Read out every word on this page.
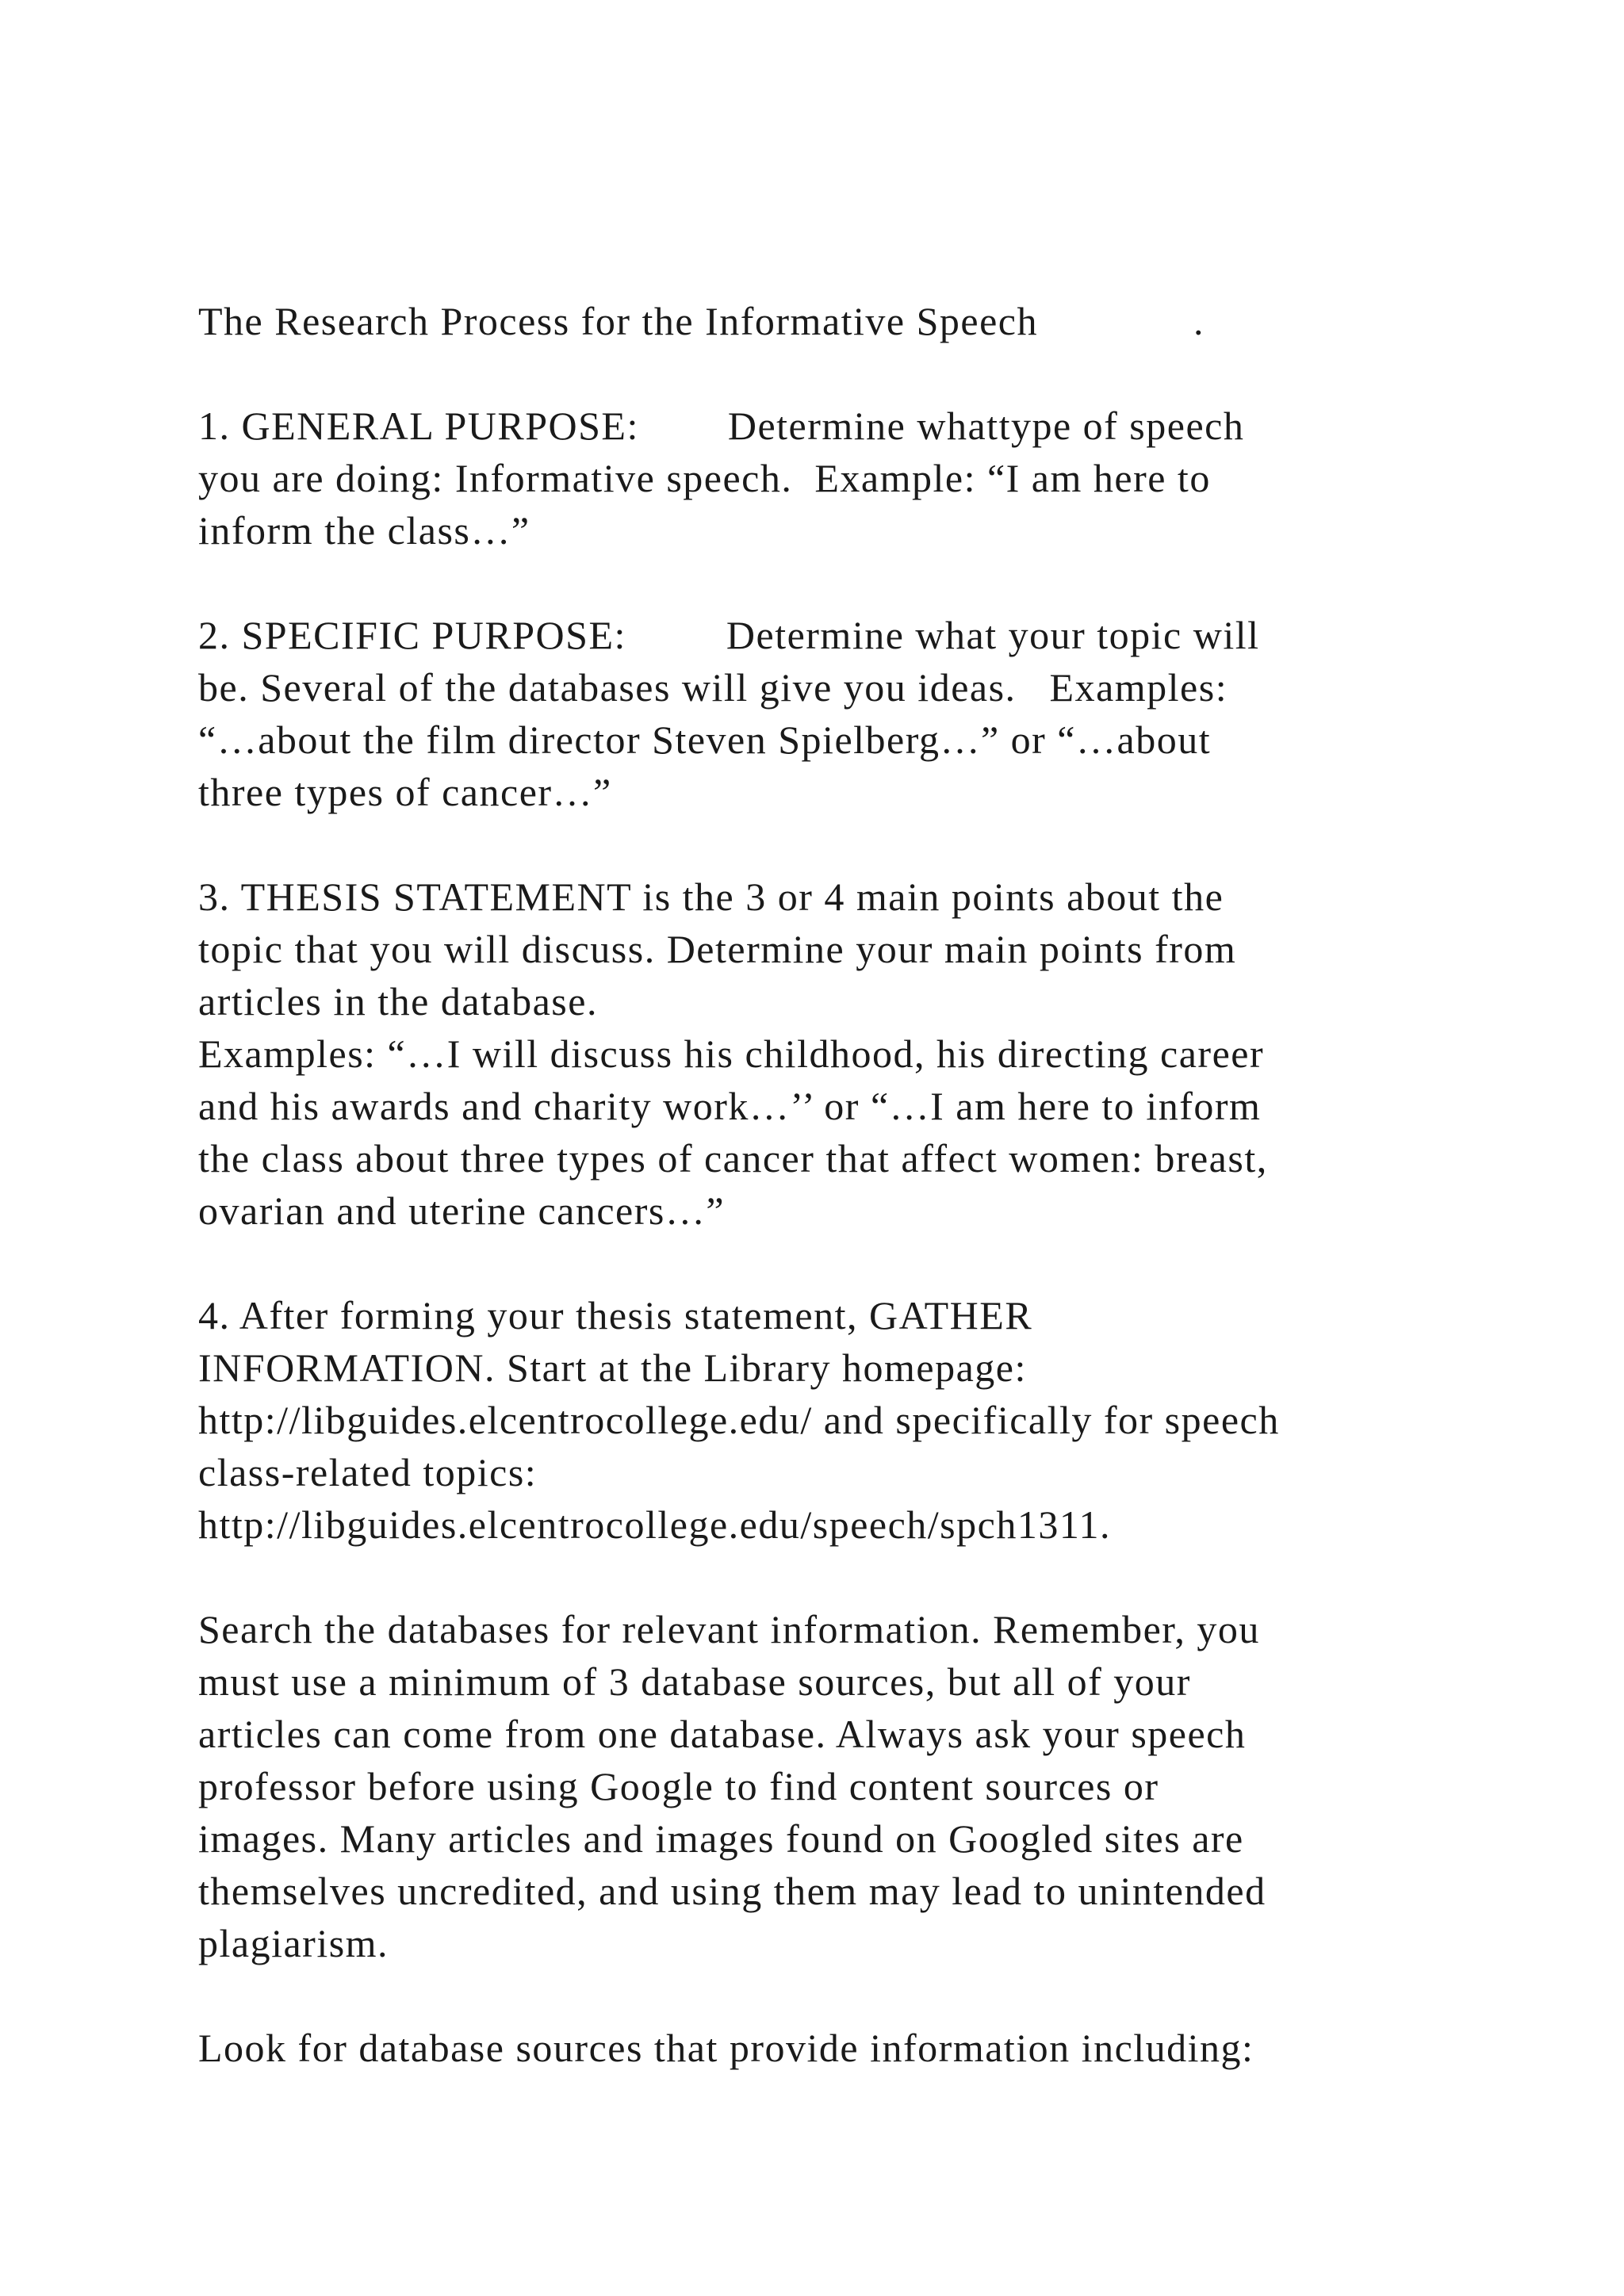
The Research Process for the Informative Speech              .
1. GENERAL PURPOSE:        Determine whattype of speech
you are doing: Informative speech.  Example: “I am here to
inform the class…”
2. SPECIFIC PURPOSE:         Determine what your topic will
be. Several of the databases will give you ideas.   Examples:
“…about the film director Steven Spielberg…” or “…about
three types of cancer…”
3. THESIS STATEMENT is the 3 or 4 main points about the
topic that you will discuss. Determine your main points from
articles in the database.
Examples: “…I will discuss his childhood, his directing career
and his awards and charity work…’’ or “…I am here to inform
the class about three types of cancer that affect women: breast,
ovarian and uterine cancers…”
4. After forming your thesis statement, GATHER
INFORMATION. Start at the Library homepage:
http://libguides.elcentrocollege.edu/ and specifically for speech
class-related topics:
http://libguides.elcentrocollege.edu/speech/spch1311.
Search the databases for relevant information. Remember, you
must use a minimum of 3 database sources, but all of your
articles can come from one database. Always ask your speech
professor before using Google to find content sources or
images. Many articles and images found on Googled sites are
themselves uncredited, and using them may lead to unintended
plagiarism.
Look for database sources that provide information including:
